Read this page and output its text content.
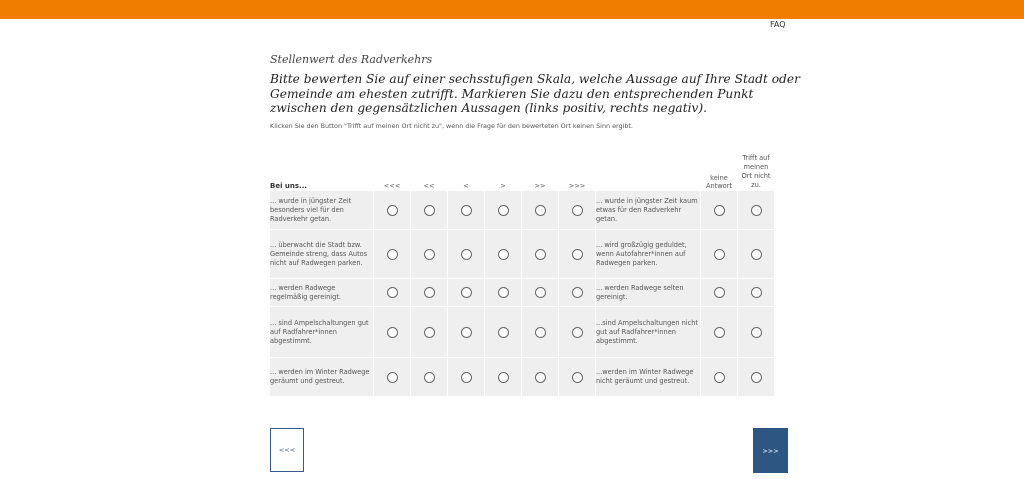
FAQ
Stellenwert des Radverkehrs
Bitte bewerten Sie auf einer sechsstufigen Skala, welche Aussage auf Ihre Stadt oder Gemeinde am ehesten zutrifft. Markieren Sie dazu den entsprechenden Punkt zwischen den gegensätzlichen Aussagen (links positiv, rechts negativ).
Klicken Sie den Button "Trifft auf meinen Ort nicht zu", wenn die Frage für den bewerteten Ort keinen Sinn ergibt.
Bei uns...	<<<	<<	<	>	>>	>>>		keine Antwort	Trifft auf meinen Ort nicht zu.
... wurde in jüngster Zeit besonders viel für den Radverkehr getan.							... wurde in jüngster Zeit kaum etwas für den Radverkehr getan.		
... überwacht die Stadt bzw. Gemeinde streng, dass Autos nicht auf Radwegen parken.							... wird großzügig geduldet, wenn Autofahrer*innen auf Radwegen parken.		
... werden Radwege regelmäßig gereinigt.							... werden Radwege selten gereinigt.		
... sind Ampelschaltungen gut auf Radfahrer*innen abgestimmt.							...sind Ampelschaltungen nicht gut auf Radfahrer*innen abgestimmt.		
... werden im Winter Radwege geräumt und gestreut.							...werden im Winter Radwege nicht geräumt und gestreut.		
<<<	>>>
